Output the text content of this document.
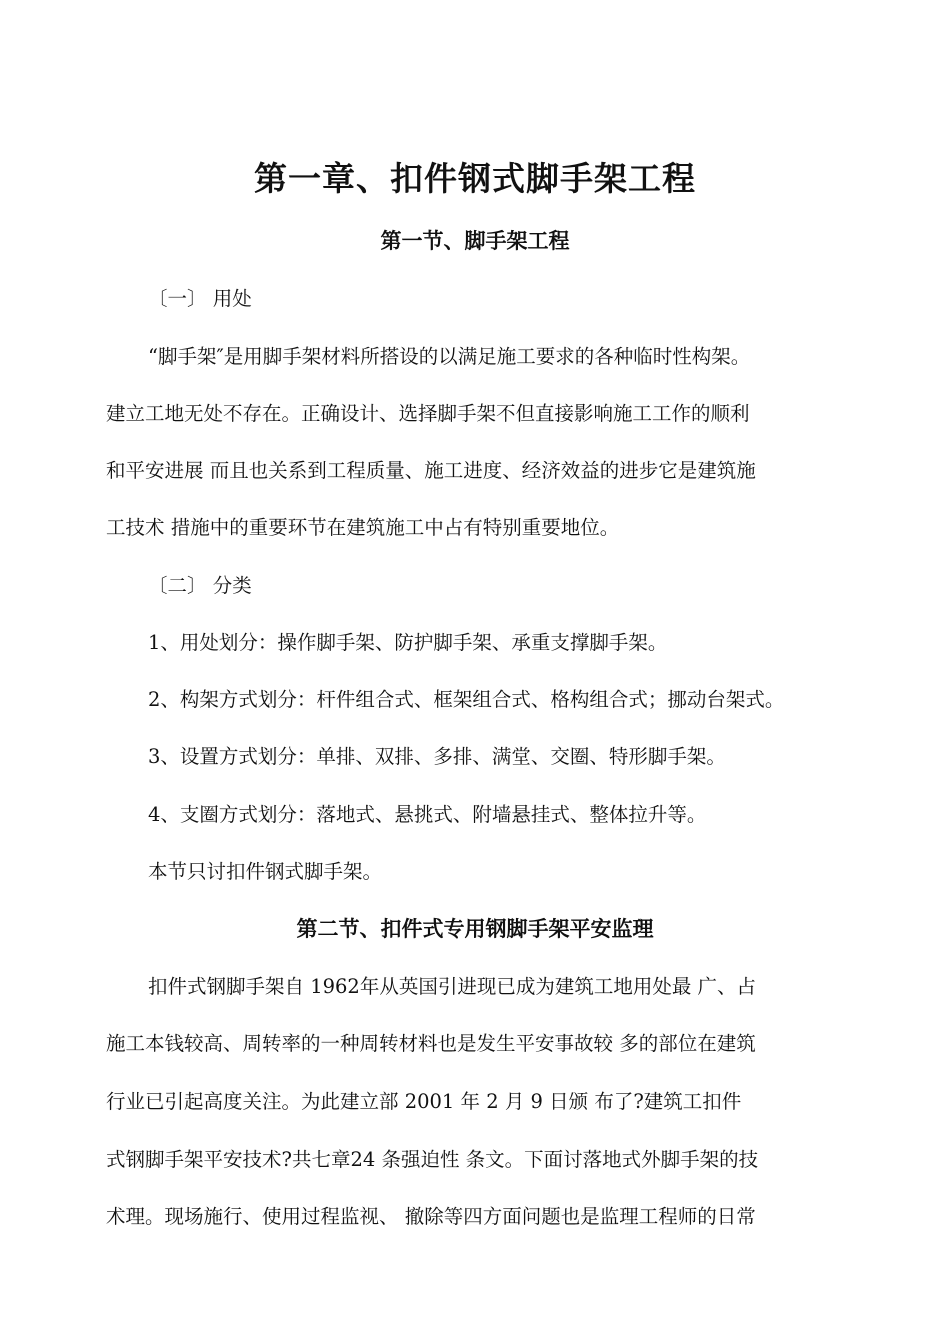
第一章、扣件钢式脚手架工程
第一节、脚手架工程
〔一〕 用处
“脚手架″是用脚手架材料所搭设的以满足施工要求的各种临时性构架。
建立工地无处不存在。正确设计、选择脚手架不但直接影响施工工作的顺利
和平安进展 而且也关系到工程质量、施工进度、经济效益的进步它是建筑施
工技术 措施中的重要环节在建筑施工中占有特别重要地位。
〔二〕 分类
1、用处划分：操作脚手架、防护脚手架、承重支撑脚手架。
2、构架方式划分：杆件组合式、框架组合式、格构组合式；挪动台架式。
3、设置方式划分：单排、双排、多排、满堂、交圈、特形脚手架。
4、支圈方式划分：落地式、悬挑式、附墙悬挂式、整体拉升等。
本节只讨扣件钢式脚手架。
第二节、扣件式专用钢脚手架平安监理
扣件式钢脚手架自 1962年从英国引进现已成为建筑工地用处最 广、占
施工本钱较高、周转率的一种周转材料也是发生平安事故较 多的部位在建筑
行业已引起高度关注。为此建立部 2001 年 2 月 9 日颁 布了?建筑工扣件
式钢脚手架平安技术?共七章24 条强迫性 条文。下面讨落地式外脚手架的技
术理。现场施行、使用过程监视、 撤除等四方面问题也是监理工程师的日常
